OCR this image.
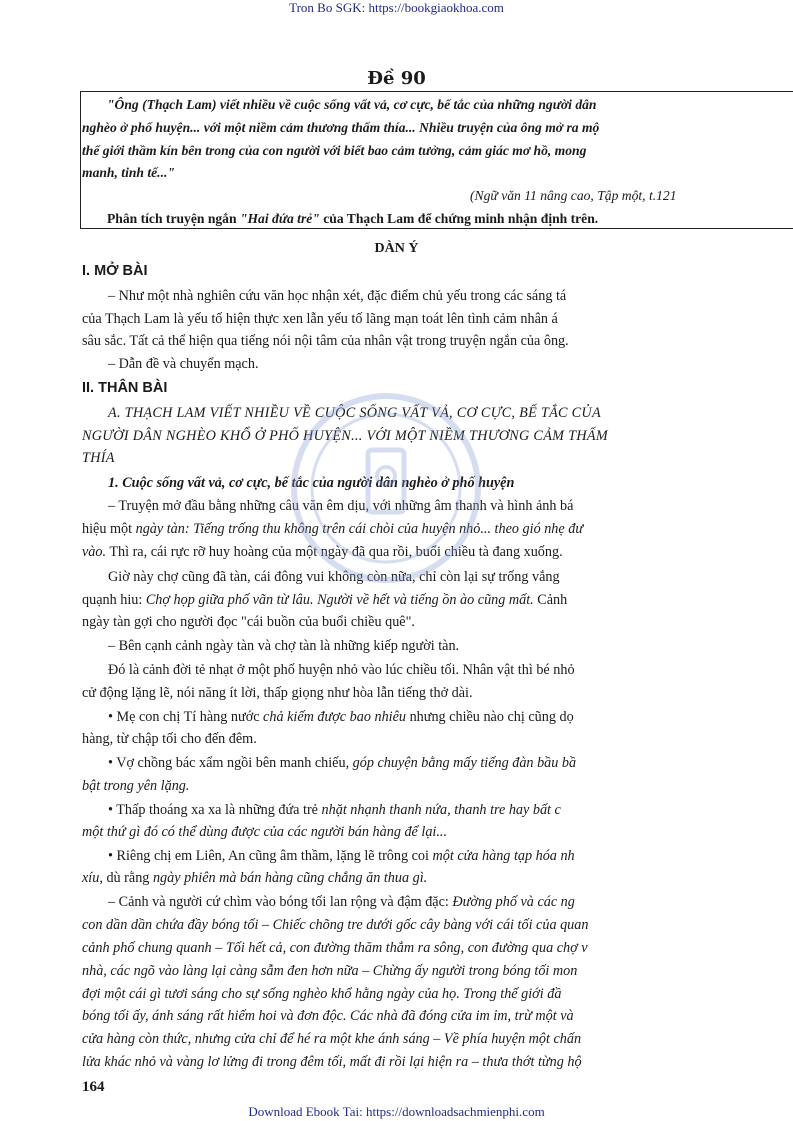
Tron Bo SGK: https://bookgiaokhoa.com
Đề 90
"Ông (Thạch Lam) viết nhiều về cuộc sống vất vả, cơ cực, bế tắc của những người dân
nghèo ở phố huyện... với một niềm cảm thương thấm thía... Nhiều truyện của ông mở ra mộ
thế giới thầm kín bên trong của con người với biết bao cảm tưởng, cảm giác mơ hồ, mong
manh, tinh tế..."
(Ngữ văn 11 nâng cao, Tập một, t.121
Phân tích truyện ngắn "Hai đứa trẻ" của Thạch Lam để chứng minh nhận định trên.
DÀN Ý
I. MỞ BÀI
– Như một nhà nghiên cứu văn học nhận xét, đặc điểm chủ yếu trong các sáng tá
của Thạch Lam là yếu tố hiện thực xen lẫn yếu tố lãng mạn toát lên tình cảm nhân á
sâu sắc. Tất cả thể hiện qua tiếng nói nội tâm của nhân vật trong truyện ngắn của ông.
– Dẫn đề và chuyển mạch.
II. THÂN BÀI
A. THẠCH LAM VIẾT NHIỀU VỀ CUỘC SỐNG VẤT VẢ, CƠ CỰC, BẾ TẮC CỦA
NGƯỜI DÂN NGHÈO KHỔ Ở PHỐ HUYỆN... VỚI MỘT NIỀM THƯƠNG CẢM THẤM
THÍA
1. Cuộc sống vất vả, cơ cực, bế tắc của người dân nghèo ở phố huyện
– Truyện mở đầu bằng những câu văn êm dịu, với những âm thanh và hình ảnh bá
hiệu một ngày tàn: Tiếng trống thu không trên cái chòi của huyện nhỏ... theo gió nhẹ đư
vào. Thì ra, cái rực rỡ huy hoàng của một ngày đã qua rồi, buổi chiều tà đang xuống.
Giờ này chợ cũng đã tàn, cái đông vui không còn nữa, chỉ còn lại sự trống vắng
quạnh hiu: Chợ họp giữa phố vãn từ lâu. Người về hết và tiếng ồn ào cũng mất. Cảnh
ngày tàn gợi cho người đọc "cái buồn của buổi chiều quê".
– Bên cạnh cảnh ngày tàn và chợ tàn là những kiếp người tàn.
Đó là cảnh đời tẻ nhạt ở một phố huyện nhỏ vào lúc chiều tối. Nhân vật thì bé nhỏ
cử động lặng lẽ, nói năng ít lời, thấp giọng như hòa lẫn tiếng thở dài.
• Mẹ con chị Tí hàng nước chả kiếm được bao nhiêu nhưng chiều nào chị cũng dọ
hàng, từ chập tối cho đến đêm.
• Vợ chồng bác xẩm ngồi bên manh chiếu, góp chuyện bằng mấy tiếng đàn bầu bầ
bật trong yên lặng.
• Thấp thoáng xa xa là những đứa trẻ nhặt nhạnh thanh nứa, thanh tre hay bất c
một thứ gì đó có thể dùng được của các người bán hàng để lại...
• Riêng chị em Liên, An cũng âm thầm, lặng lẽ trông coi một cửa hàng tạp hóa nh
xíu, dù rằng ngày phiên mà bán hàng cũng chẳng ăn thua gì.
– Cảnh và người cứ chìm vào bóng tối lan rộng và đậm đặc: Đường phố và các ng
con dần dần chứa đầy bóng tối – Chiếc chõng tre dưới gốc cây bàng với cái tối của quan
cảnh phố chung quanh – Tối hết cả, con đường thăm thẳm ra sông, con đường qua chợ v
nhà, các ngõ vào làng lại càng sẫm đen hơn nữa – Chừng ấy người trong bóng tối mon
đợi một cái gì tươi sáng cho sự sống nghèo khổ hằng ngày của họ. Trong thế giới đầ
bóng tối ấy, ánh sáng rất hiếm hoi và đơn độc. Các nhà đã đóng cửa im ỉm, trừ một và
cửa hàng còn thức, nhưng cửa chỉ để hé ra một khe ánh sáng – Về phía huyện một chấn
lửa khác nhỏ và vàng lơ lửng đi trong đêm tối, mất đi rồi lại hiện ra – thưa thớt từng hộ
164
Download Ebook Tai: https://downloadsachmienphi.com
